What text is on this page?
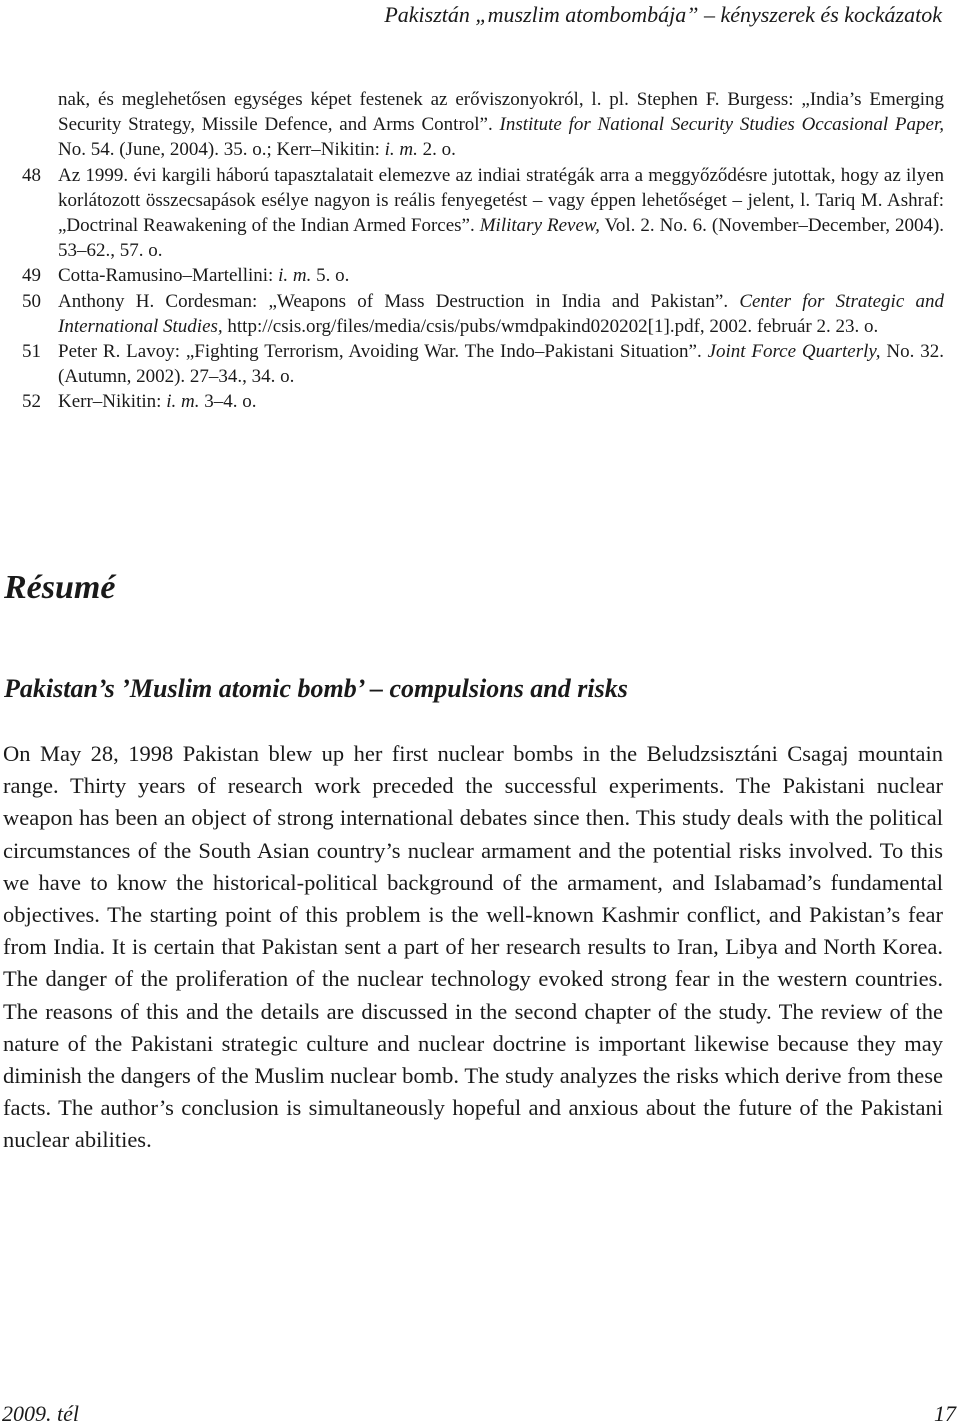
Pakisztán „muszlim atombombája” – kényszerek és kockázatok

nak, és meglehetősen egységes képet festenek az erőviszonyokról, l. pl. Stephen F. Burgess: „India’s Emerging Security Strategy, Missile Defence, and Arms Control”. Institute for National Security Studies Occasional Paper, No. 54. (June, 2004). 35. o.; Kerr–Nikitin: i. m. 2. o.

48 Az 1999. évi kargili háború tapasztalatait elemezve az indiai stratégák arra a meggyőződésre jutottak, hogy az ilyen korlátozott összecsapások esélye nagyon is reális fenyegetést – vagy éppen lehetőséget – jelent, l. Tariq M. Ashraf: „Doctrinal Reawakening of the Indian Armed Forces”. Military Revew, Vol. 2. No. 6. (November–December, 2004). 53–62., 57. o.

49 Cotta-Ramusino–Martellini: i. m. 5. o.

50 Anthony H. Cordesman: „Weapons of Mass Destruction in India and Pakistan”. Center for Strategic and International Studies, http://csis.org/files/media/csis/pubs/wmdpakind020202[1].pdf, 2002. február 2. 23. o.

51 Peter R. Lavoy: „Fighting Terrorism, Avoiding War. The Indo–Pakistani Situation”. Joint Force Quarterly, No. 32. (Autumn, 2002). 27–34., 34. o.

52 Kerr–Nikitin: i. m. 3–4. o.

Résumé
Pakistan’s ’Muslim atomic bomb’ – compulsions and risks

On May 28, 1998 Pakistan blew up her first nuclear bombs in the Beludzsisztáni Csagaj mountain range. Thirty years of research work preceded the successful experiments. The Pakistani nuclear weapon has been an object of strong international debates since then. This study deals with the political circumstances of the South Asian country’s nuclear armament and the potential risks involved. To this we have to know the historical-political background of the armament, and Islabamad’s fundamental objectives. The starting point of this problem is the well-known Kashmir conflict, and Pakistan’s fear from India. It is certain that Pakistan sent a part of her research results to Iran, Libya and North Korea. The danger of the proliferation of the nuclear technology evoked strong fear in the western countries. The reasons of this and the details are discussed in the second chapter of the study. The review of the nature of the Pakistani strategic culture and nuclear doctrine is important likewise because they may diminish the dangers of the Muslim nuclear bomb. The study analyzes the risks which derive from these facts. The author’s conclusion is simultaneously hopeful and anxious about the future of the Pakistani nuclear abilities.

2009. tél	17
